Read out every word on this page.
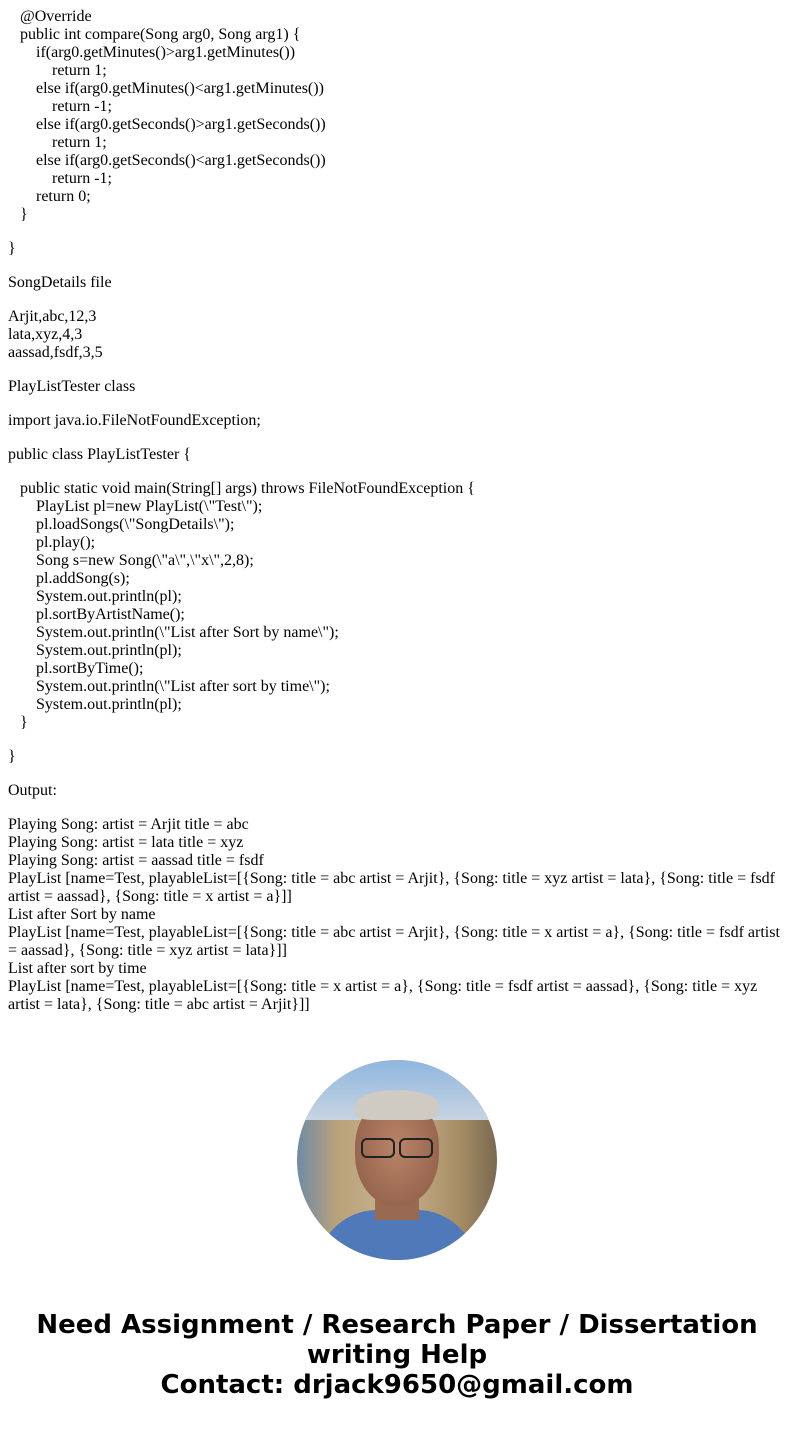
@Override
public int compare(Song arg0, Song arg1) {
if(arg0.getMinutes()>arg1.getMinutes())
return 1;
else if(arg0.getMinutes()<arg1.getMinutes())
return -1;
else if(arg0.getSeconds()>arg1.getSeconds())
return 1;
else if(arg0.getSeconds()<arg1.getSeconds())
return -1;
return 0;
}
}
SongDetails file
Arjit,abc,12,3
lata,xyz,4,3
aassad,fsdf,3,5
PlayListTester class
import java.io.FileNotFoundException;
public class PlayListTester {
public static void main(String[] args) throws FileNotFoundException {
PlayList pl=new PlayList(\"Test\");
pl.loadSongs(\"SongDetails\");
pl.play();
Song s=new Song(\"a\",\"x\",2,8);
pl.addSong(s);
System.out.println(pl);
pl.sortByArtistName();
System.out.println(\"List after Sort by name\");
System.out.println(pl);
pl.sortByTime();
System.out.println(\"List after sort by time\");
System.out.println(pl);
}
}
Output:
Playing Song: artist = Arjit title = abc
Playing Song: artist = lata title = xyz
Playing Song: artist = aassad title = fsdf
PlayList [name=Test, playableList=[{Song: title = abc artist = Arjit}, {Song: title = xyz artist = lata}, {Song: title = fsdf artist = aassad}, {Song: title = x artist = a}]]
List after Sort by name
PlayList [name=Test, playableList=[{Song: title = abc artist = Arjit}, {Song: title = x artist = a}, {Song: title = fsdf artist = aassad}, {Song: title = xyz artist = lata}]]
List after sort by time
PlayList [name=Test, playableList=[{Song: title = x artist = a}, {Song: title = fsdf artist = aassad}, {Song: title = xyz artist = lata}, {Song: title = abc artist = Arjit}]]
Need Assignment / Research Paper / Dissertation
writing Help
Contact: drjack9650@gmail.com
